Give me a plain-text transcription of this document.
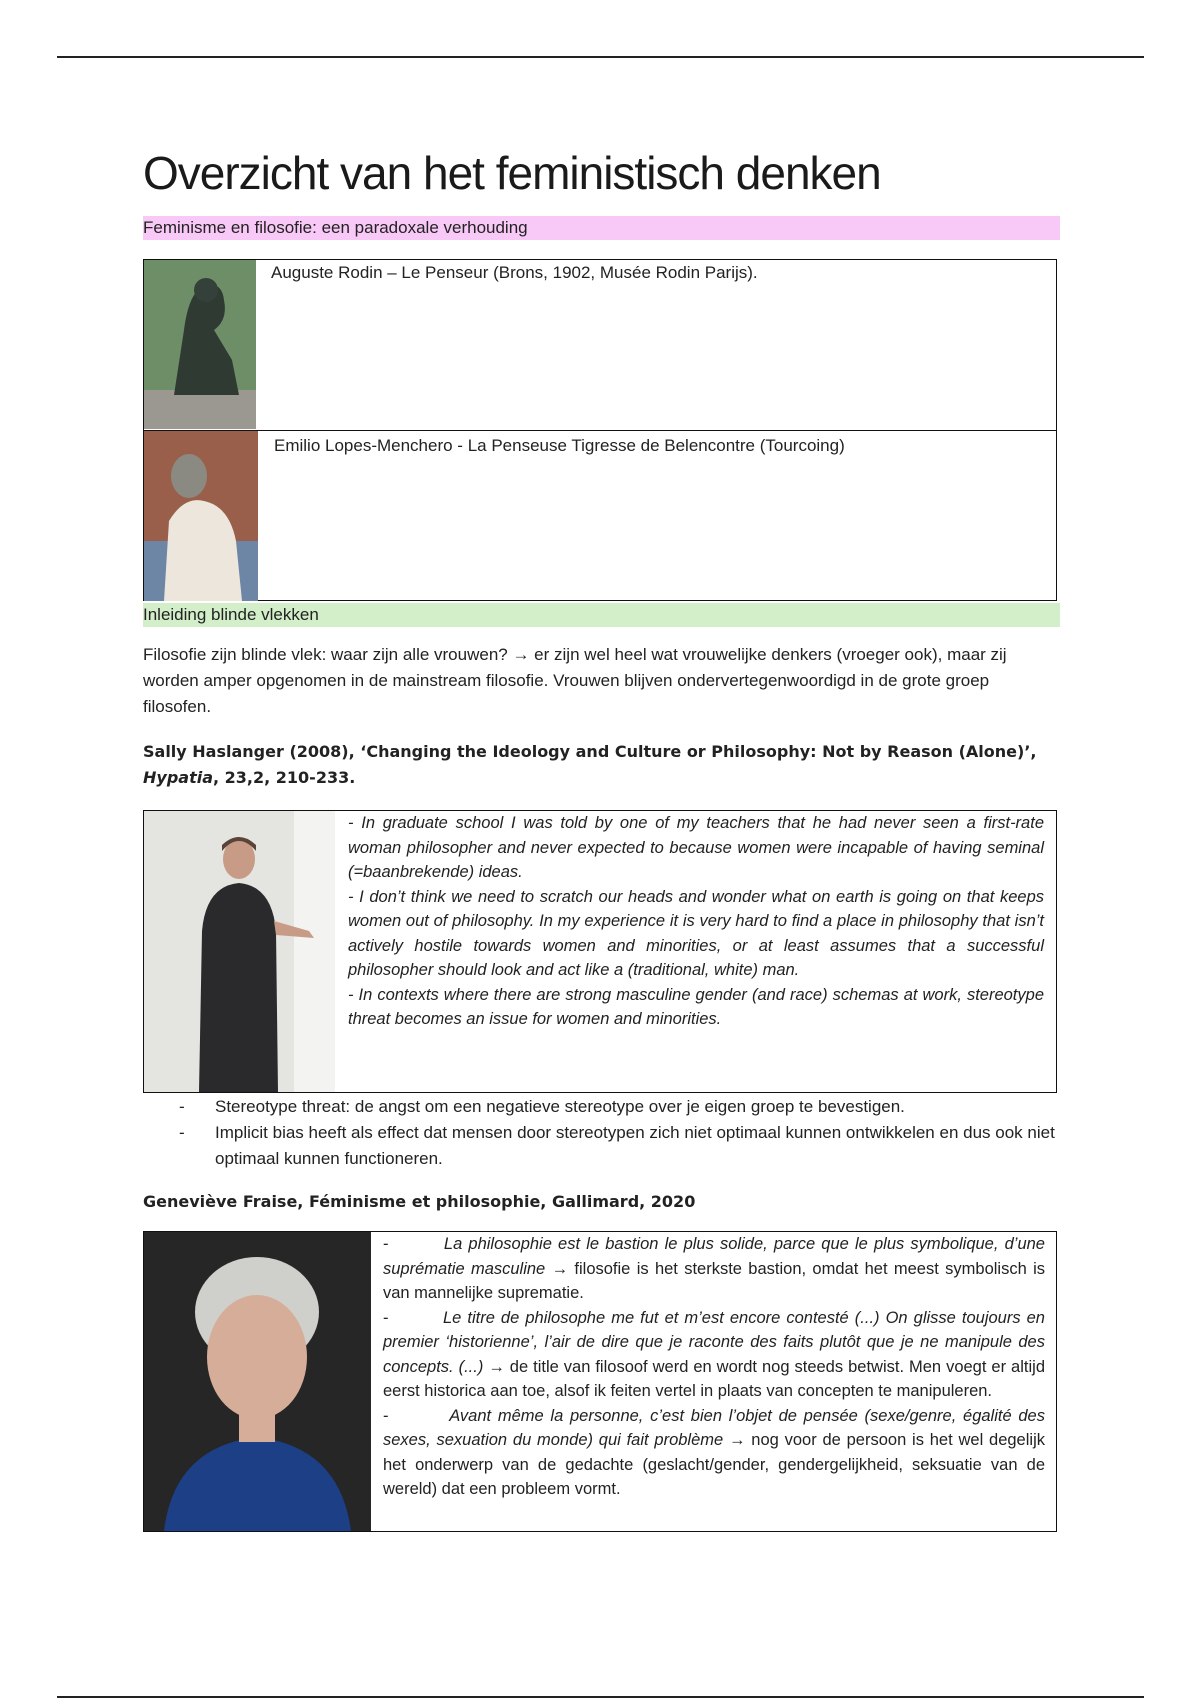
Overzicht van het feministisch denken
Feminisme en filosofie: een paradoxale verhouding
Auguste Rodin – Le Penseur (Brons, 1902, Musée Rodin Parijs).
Emilio Lopes-Menchero - La Penseuse Tigresse de Belencontre (Tourcoing)
Inleiding blinde vlekken
Filosofie zijn blinde vlek: waar zijn alle vrouwen? → er zijn wel heel wat vrouwelijke denkers (vroeger ook), maar zij worden amper opgenomen in de mainstream filosofie. Vrouwen blijven ondervertegenwoordigd in de grote groep filosofen.
Sally Haslanger (2008), ‘Changing the Ideology and Culture or Philosophy: Not by Reason (Alone)’, Hypatia, 23,2, 210-233.

- In graduate school I was told by one of my teachers that he had never seen a first-rate woman philosopher and never expected to because women were incapable of having seminal (=baanbrekende) ideas.

- I don’t think we need to scratch our heads and wonder what on earth is going on that keeps women out of philosophy. In my experience it is very hard to find a place in philosophy that isn’t actively hostile towards women and minorities, or at least assumes that a successful philosopher should look and act like a (traditional, white) man.

- In contexts where there are strong masculine gender (and race) schemas at work, stereotype threat becomes an issue for women and minorities.

- Stereotype threat: de angst om een negatieve stereotype over je eigen groep te bevestigen.
- Implicit bias heeft als effect dat mensen door stereotypen zich niet optimaal kunnen ontwikkelen en dus ook niet optimaal kunnen functioneren.
Geneviève Fraise, Féminisme et philosophie, Gallimard, 2020

-         La philosophie est le bastion le plus solide, parce que le plus symbolique, d’une suprématie masculine → filosofie is het sterkste bastion, omdat het meest symbolisch is van mannelijke suprematie.

-         Le titre de philosophe me fut et m’est encore contesté (...) On glisse toujours en premier ‘historienne’, l’air de dire que je raconte des faits plutôt que je ne manipule des concepts. (...) → de title van filosoof werd en wordt nog steeds betwist. Men voegt er altijd eerst historica aan toe, alsof ik feiten vertel in plaats van concepten te manipuleren.

-         Avant même la personne, c’est bien l’objet de pensée (sexe/genre, égalité des sexes, sexuation du monde) qui fait problème → nog voor de persoon is het wel degelijk het onderwerp van de gedachte (geslacht/gender, gendergelijkheid, seksuatie van de wereld) dat een probleem vormt.
